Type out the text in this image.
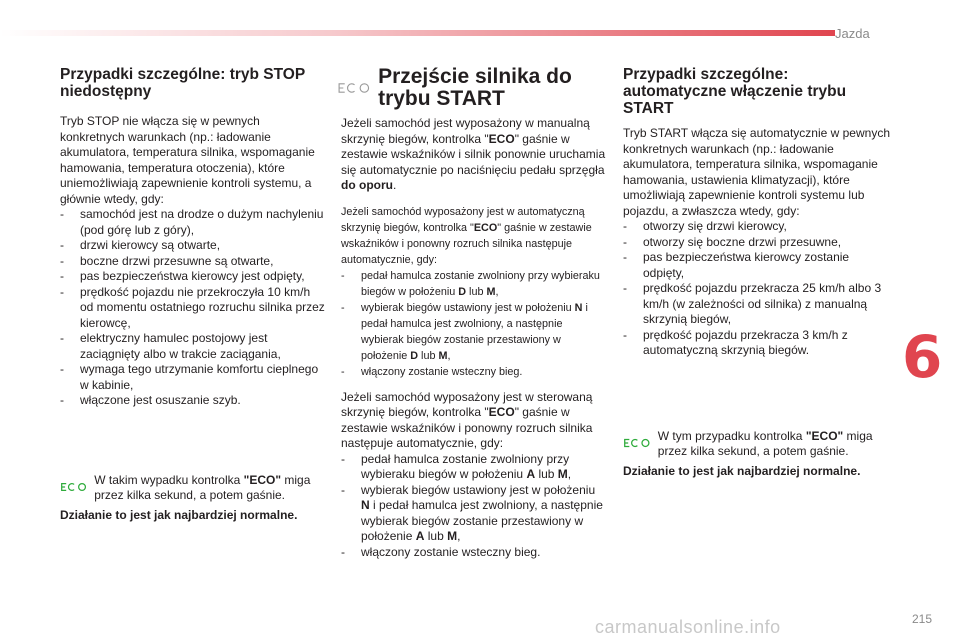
Jazda
Przypadki szczególne: tryb STOP niedostępny

Tryb STOP nie włącza się w pewnych konkretnych warunkach (np.: ładowanie akumulatora, temperatura silnika, wspomaganie hamowania, temperatura otoczenia), które uniemożliwiają zapewnienie kontroli systemu, a głównie wtedy, gdy:

- samochód jest na drodze o dużym nachyleniu (pod górę lub z góry),
- drzwi kierowcy są otwarte,
- boczne drzwi przesuwne są otwarte,
- pas bezpieczeństwa kierowcy jest odpięty,
- prędkość pojazdu nie przekroczyła 10 km/h od momentu ostatniego rozruchu silnika przez kierowcę,
- elektryczny hamulec postojowy jest zaciągnięty albo w trakcie zaciągania,
- wymaga tego utrzymanie komfortu cieplnego w kabinie,
- włączone jest osuszanie szyb.

W takim wypadku kontrolka "ECO" miga przez kilka sekund, a potem gaśnie.

Działanie to jest jak najbardziej normalne.
Przejście silnika do trybu START

Jeżeli samochód jest wyposażony w manualną skrzynię biegów, kontrolka "ECO" gaśnie w zestawie wskaźników i silnik ponownie uruchamia się automatycznie po naciśnięciu pedału sprzęgła do oporu.

Jeżeli samochód wyposażony jest w automatyczną skrzynię biegów, kontrolka "ECO" gaśnie w zestawie wskaźników i ponowny rozruch silnika następuje automatycznie, gdy:

- pedał hamulca zostanie zwolniony przy wybieraku biegów w położeniu D lub M,
- wybierak biegów ustawiony jest w położeniu N i pedał hamulca jest zwolniony, a następnie wybierak biegów zostanie przestawiony w położenie D lub M,
- włączony zostanie wsteczny bieg.

Jeżeli samochód wyposażony jest w sterowaną skrzynię biegów, kontrolka "ECO" gaśnie w zestawie wskaźników i ponowny rozruch silnika następuje automatycznie, gdy:

- pedał hamulca zostanie zwolniony przy wybieraku biegów w położeniu A lub M,
- wybierak biegów ustawiony jest w położeniu N i pedał hamulca jest zwolniony, a następnie wybierak biegów zostanie przestawiony w położenie A lub M,
- włączony zostanie wsteczny bieg.
Przypadki szczególne: automatyczne włączenie trybu START

Tryb START włącza się automatycznie w pewnych konkretnych warunkach (np.: ładowanie akumulatora, temperatura silnika, wspomaganie hamowania, ustawienia klimatyzacji), które umożliwiają zapewnienie kontroli systemu lub pojazdu, a zwłaszcza wtedy, gdy:

- otworzy się drzwi kierowcy,
- otworzy się boczne drzwi przesuwne,
- pas bezpieczeństwa kierowcy zostanie odpięty,
- prędkość pojazdu przekracza 25 km/h albo 3 km/h (w zależności od silnika) z manualną skrzynią biegów,
- prędkość pojazdu przekracza 3 km/h z automatyczną skrzynią biegów.

W tym przypadku kontrolka "ECO" miga przez kilka sekund, a potem gaśnie.

Działanie to jest jak najbardziej normalne.
6
215
carmanualsonline.info
